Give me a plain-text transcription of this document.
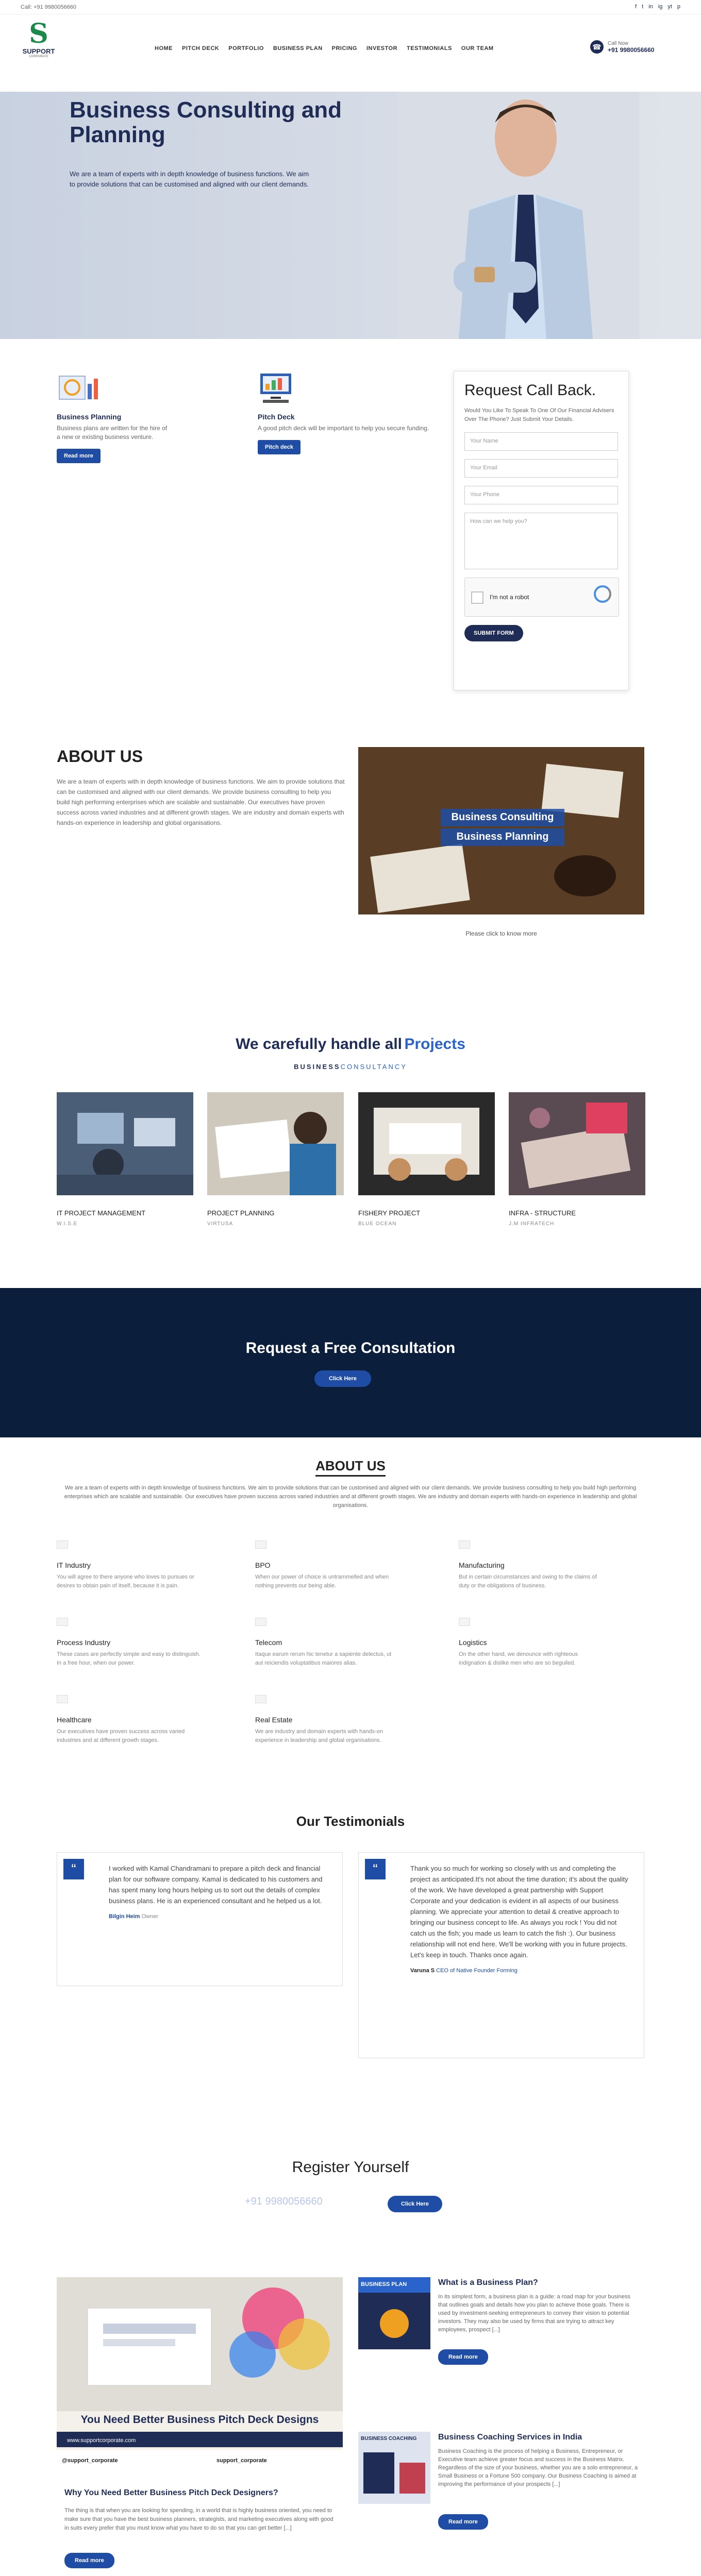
Call: +91 9980056660	f t in ig yt p
S
SUPPORT
CORPORATE
HOME PITCH DECK PORTFOLIO BUSINESS PLAN PRICING INVESTOR TESTIMONIALS OUR TEAM	☎	Call Now
+91 9980056660
Business Consulting and Planning

We are a team of experts with in depth knowledge of business functions. We aim to provide solutions that can be customised and aligned with our client demands.

Business Planning

Business plans are written for the hire of a new or existing business venture.

Read more
Pitch Deck

A good pitch deck will be important to help you secure funding.

Pitch deck
Request Call Back.

Would You Like To Speak To One Of Our Financial Advisers Over The Phone? Just Submit Your Details.

Your Name
Your Email
Your Phone
How can we help you?
I'm not a robot
SUBMIT FORM
ABOUT US

We are a team of experts with in depth knowledge of business functions. We aim to provide solutions that can be customised and aligned with our client demands. We provide business consulting to help you build high performing enterprises which are scalable and sustainable. Our executives have proven success across varied industries and at different growth stages. We are industry and domain experts with hands-on experience in leadership and global organisations.	Business Consulting
Business Planning
Please click to know more
We carefully handle all Projects
BUSINESSCONSULTANCY
IT PROJECT MANAGEMENT
W.I.S.E
PROJECT PLANNING
VIRTUSA
FISHERY PROJECT
BLUE OCEAN
INFRA - STRUCTURE
J.M INFRATECH
Request a Free Consultation
Click Here
ABOUT US

We are a team of experts with in depth knowledge of business functions. We aim to provide solutions that can be customised and aligned with our client demands. We provide business consulting to help you build high performing enterprises which are scalable and sustainable. Our executives have proven success across varied industries and at different growth stages. We are industry and domain experts with hands-on experience in leadership and global organisations.

IT Industry

You will agree to there anyone who loves to pursues or desires to obtain pain of itself, because it is pain.

BPO

When our power of choice is untrammelled and when nothing prevents our being able.

Manufacturing

But in certain circumstances and owing to the claims of duty or the obligations of business.

Process Industry

These cases are perfectly simple and easy to distinguish. In a free hour, when our power.

Telecom

Itaque earum rerum hic tenetur a sapiente delectus, ut aut reiciendis voluptatibus maiores alias.

Logistics

On the other hand, we denounce with righteous indignation & dislike men who are so beguiled.

Healthcare

Our executives have proven success across varied industries and at different growth stages.

Real Estate

We are industry and domain experts with hands-on experience in leadership and global organisations.

Our Testimonials
“	I worked with Kamal Chandramani to prepare a pitch deck and financial plan for our software company. Kamal is dedicated to his customers and has spent many long hours helping us to sort out the details of complex business plans. He is an experienced consultant and he helped us a lot.

Bilgin Heim Owner

“	Thank you so much for working so closely with us and completing the project as anticipated.It's not about the time duration; it's about the quality of the work. We have developed a great partnership with Support Corporate and your dedication is evident in all aspects of our business planning. We appreciate your attention to detail & creative approach to bringing our business concept to life. As always you rock ! You did not catch us the fish; you made us learn to catch the fish :). Our business relationship will not end here. We'll be working with you in future projects. Let's keep in touch. Thanks once again.

Varuna S CEO of Native Founder Forming

Register Yourself
+91 9980056660	Click Here
You Need Better Business Pitch Deck Designs
www.supportcorporate.com
@support_corporate	support_corporate
Why You Need Better Business Pitch Deck Designers?

The thing is that when you are looking for spending, in a world that is highly business oriented, you need to make sure that you have the best business planners, strategists, and marketing executives along with good in suits every prefer that you must know what you have to do so that you can get better [...]

Read more
BUSINESS PLAN	What is a Business Plan?

In its simplest form, a business plan is a guide: a road map for your business that outlines goals and details how you plan to achieve those goals. There is used by investment-seeking entrepreneurs to convey their vision to potential investors. They may also be used by firms that are trying to attract key employees, prospect [...]

Read more
BUSINESS COACHING	Business Coaching Services in India

Business Coaching is the process of helping a Business, Entrepreneur, or Executive team achieve greater focus and success in the Business Matrix. Regardless of the size of your business, whether you are a solo entrepreneur, a Small Business or a Fortune 500 company. Our Business Coaching is aimed at improving the performance of your prospects [...]

Read more
